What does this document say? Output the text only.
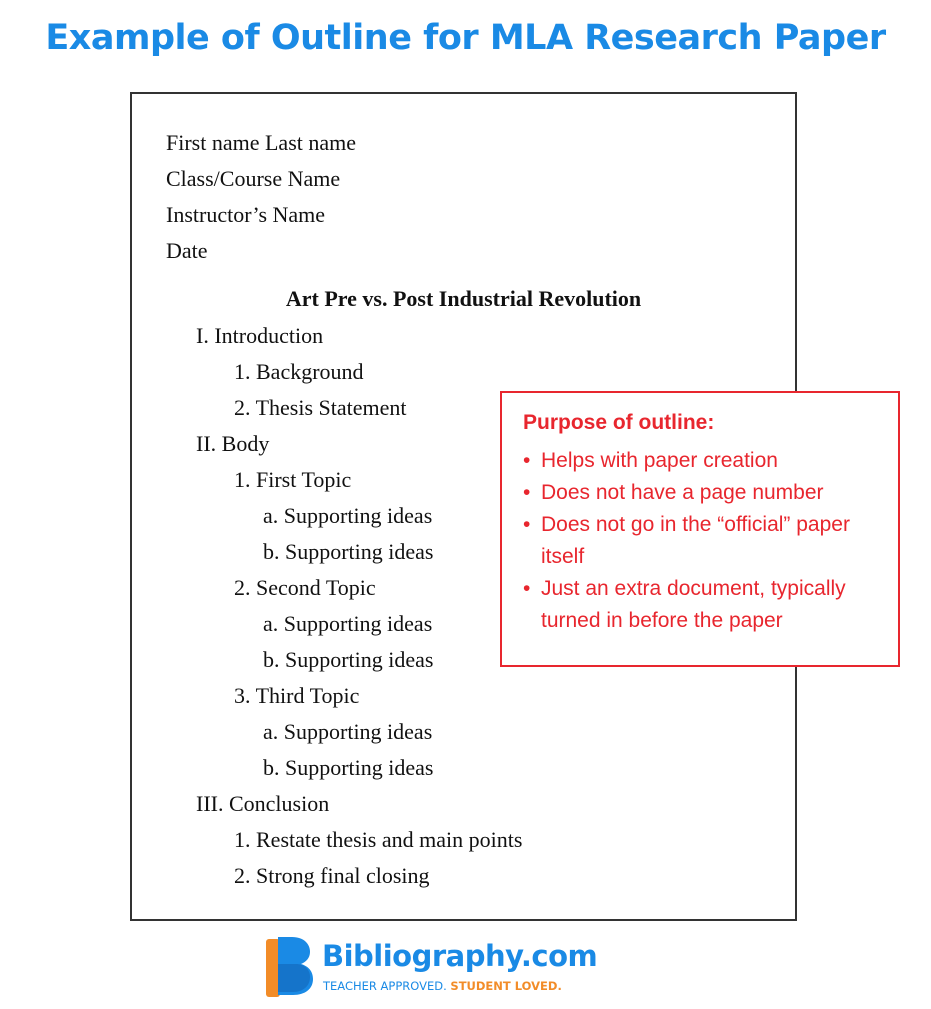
Example of Outline for MLA Research Paper
First name Last name
Class/Course Name
Instructor’s Name
Date
Art Pre vs. Post Industrial Revolution
I. Introduction
1. Background
2. Thesis Statement
II. Body
1. First Topic
a. Supporting ideas
b. Supporting ideas
2. Second Topic
a. Supporting ideas
b. Supporting ideas
3. Third Topic
a. Supporting ideas
b. Supporting ideas
III. Conclusion
1. Restate thesis and main points
2. Strong final closing
Purpose of outline:
• Helps with paper creation
• Does not have a page number
• Does not go in the “official” paper itself
• Just an extra document, typically turned in before the paper
Bibliography.com
TEACHER APPROVED. STUDENT LOVED.
